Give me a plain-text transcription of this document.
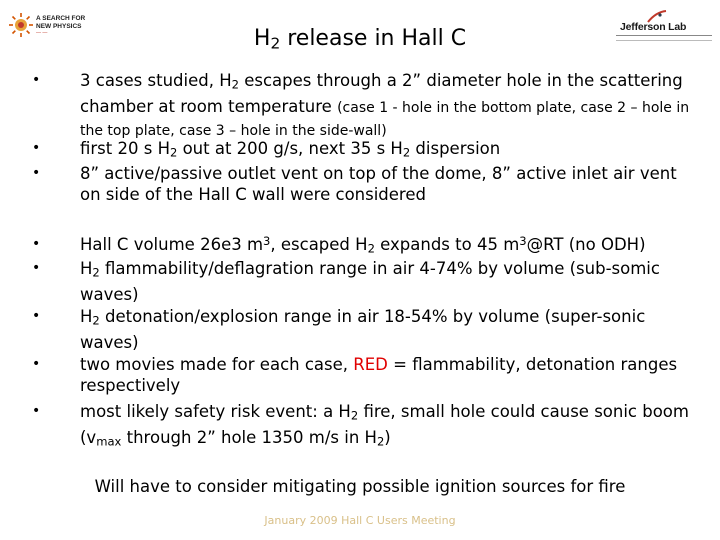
A SEARCH FOR
NEW PHYSICS
— —	Jefferson Lab
$H_2$ release in Hall C

• 3 cases studied, $H_2$ escapes through a 2” diameter hole in the scattering chamber at room temperature (case 1 - hole in the bottom plate, case 2 – hole in the top plate, case 3 – hole in the side-wall)

• first 20 s $H_2$ out at 200 g/s, next 35 s $H_2$ dispersion

• 8” active/passive outlet vent on top of the dome, 8” active inlet air vent on side of the Hall C wall were considered

• Hall C volume 26e3 $m^3$, escaped $H_2$ expands to 45 $m^3@RT$ (no ODH)

• $H_2$ flammability/deflagration range in air 4-74% by volume (sub-somic waves)

• $H_2$ detonation/explosion range in air 18-54% by volume (super-sonic waves)

• two movies made for each case, RED = flammability, detonation ranges respectively

• most likely safety risk event: a $H_2$ fire, small hole could cause sonic boom ($v_{max}$ through 2” hole 1350 m/s in $H_2$)

Will have to consider mitigating possible ignition sources for fire

January 2009 Hall C Users Meeting
